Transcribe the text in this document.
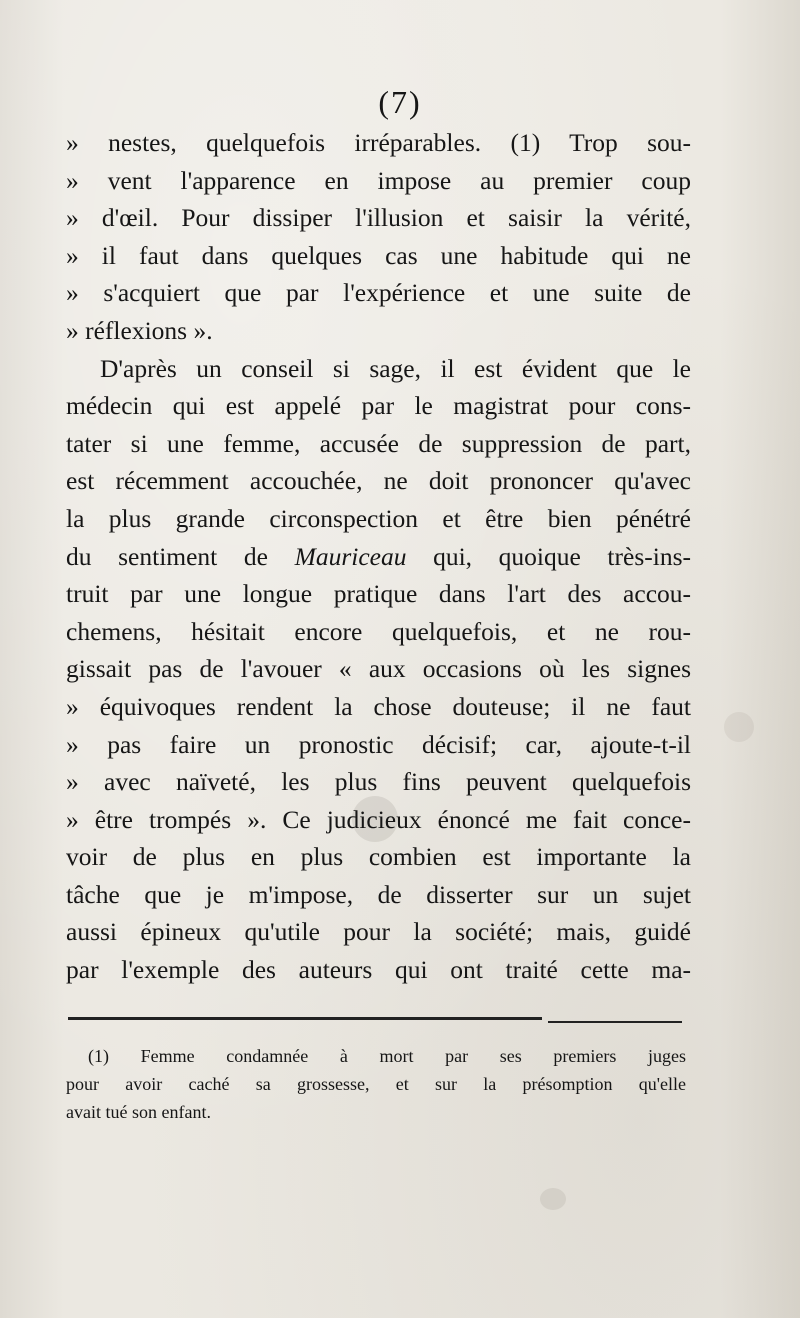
(7)
» nestes, quelquefois irréparables. (1) Trop sou-
» vent l'apparence en impose au premier coup
» d'œil. Pour dissiper l'illusion et saisir la vérité,
» il faut dans quelques cas une habitude qui ne
» s'acquiert que par l'expérience et une suite de
» réflexions ».
D'après un conseil si sage, il est évident que le
médecin qui est appelé par le magistrat pour cons-
tater si une femme, accusée de suppression de part,
est récemment accouchée, ne doit prononcer qu'avec
la plus grande circonspection et être bien pénétré
du sentiment de Mauriceau qui, quoique très-ins-
truit par une longue pratique dans l'art des accou-
chemens, hésitait encore quelquefois, et ne rou-
gissait pas de l'avouer « aux occasions où les signes
» équivoques rendent la chose douteuse; il ne faut
» pas faire un pronostic décisif; car, ajoute-t-il
» avec naïveté, les plus fins peuvent quelquefois
» être trompés ». Ce judicieux énoncé me fait conce-
voir de plus en plus combien est importante la
tâche que je m'impose, de disserter sur un sujet
aussi épineux qu'utile pour la société; mais, guidé
par l'exemple des auteurs qui ont traité cette ma-
(1) Femme condamnée à mort par ses premiers juges
pour avoir caché sa grossesse, et sur la présomption qu'elle
avait tué son enfant.
